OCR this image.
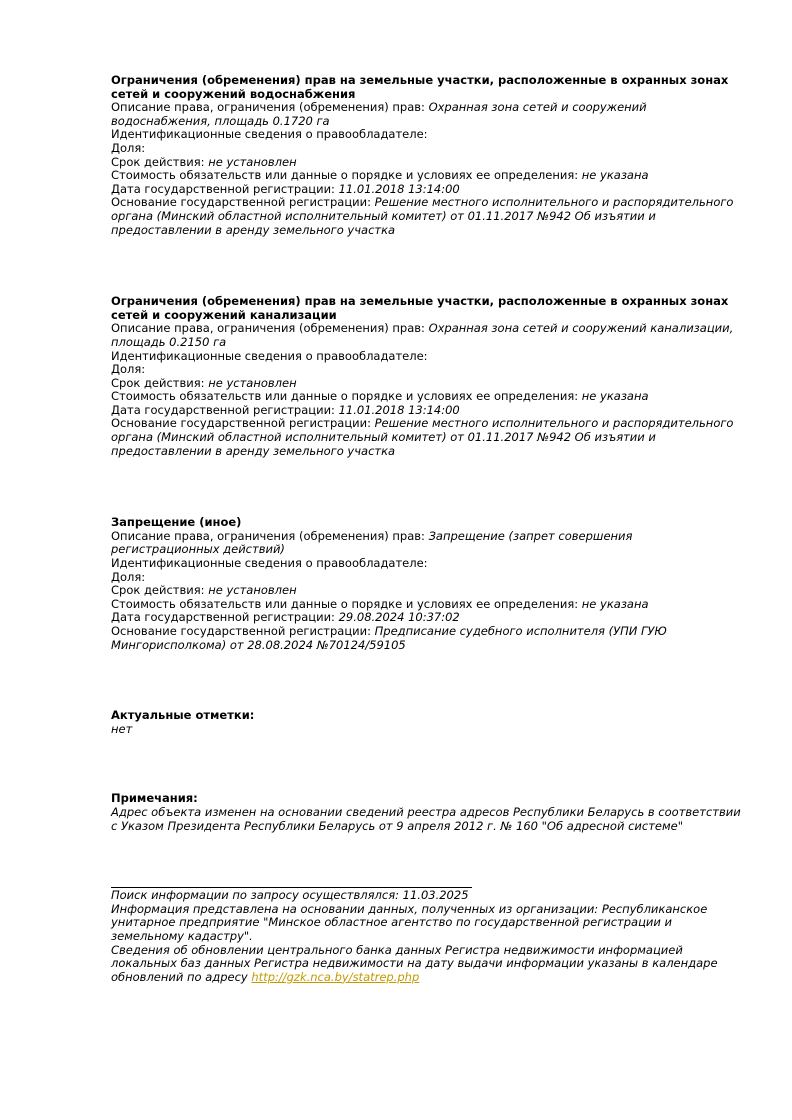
Ограничения (обременения) прав на земельные участки, расположенные в охранных зонах сетей и сооружений водоснабжения
Описание права, ограничения (обременения) прав: Охранная зона сетей и сооружений водоснабжения, площадь 0.1720 га
Идентификационные сведения о правообладателе:
Доля:
Срок действия: не установлен
Стоимость обязательств или данные о порядке и условиях ее определения: не указана
Дата государственной регистрации: 11.01.2018 13:14:00
Основание государственной регистрации: Решение местного исполнительного и распорядительного органа (Минский областной исполнительный комитет) от 01.11.2017 №942 Об изъятии и предоставлении в аренду земельного участка
Ограничения (обременения) прав на земельные участки, расположенные в охранных зонах сетей и сооружений канализации
Описание права, ограничения (обременения) прав: Охранная зона сетей и сооружений канализации, площадь 0.2150 га
Идентификационные сведения о правообладателе:
Доля:
Срок действия: не установлен
Стоимость обязательств или данные о порядке и условиях ее определения: не указана
Дата государственной регистрации: 11.01.2018 13:14:00
Основание государственной регистрации: Решение местного исполнительного и распорядительного органа (Минский областной исполнительный комитет) от 01.11.2017 №942 Об изъятии и предоставлении в аренду земельного участка
Запрещение (иное)
Описание права, ограничения (обременения) прав: Запрещение (запрет совершения регистрационных действий)
Идентификационные сведения о правообладателе:
Доля:
Срок действия: не установлен
Стоимость обязательств или данные о порядке и условиях ее определения: не указана
Дата государственной регистрации: 29.08.2024 10:37:02
Основание государственной регистрации: Предписание судебного исполнителя (УПИ ГУЮ Мингорисполкома) от 28.08.2024 №70124/59105
Актуальные отметки:
нет
Примечания:
Адрес объекта изменен на основании сведений реестра адресов Республики Беларусь в соответствии с Указом Президента Республики Беларусь от 9 апреля 2012 г. № 160 "Об адресной системе"
Поиск информации по запросу осуществлялся: 11.03.2025
Информация представлена на основании данных, полученных из организации: Республиканское унитарное предприятие "Минское областное агентство по государственной регистрации и земельному кадастру".
Сведения об обновлении центрального банка данных Регистра недвижимости информацией локальных баз данных Регистра недвижимости на дату выдачи информации указаны в календаре обновлений по адресу http://gzk.nca.by/statrep.php
